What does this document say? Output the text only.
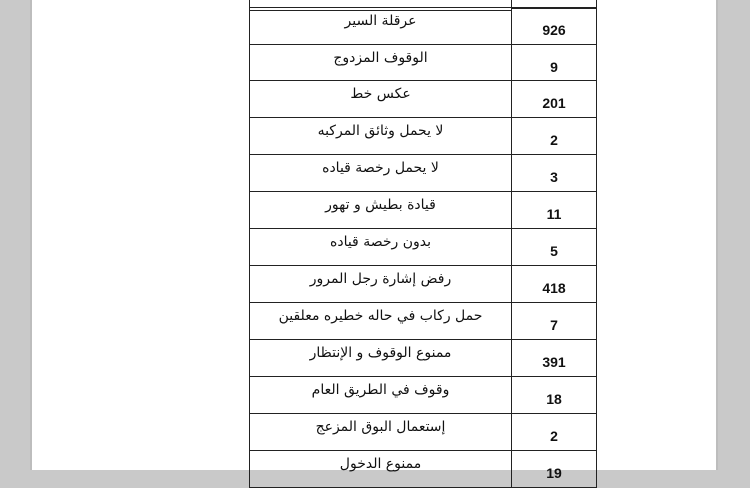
عرقلة السير
926
الوقوف المزدوج
9
عكس خط
201
لا يحمل وثائق المركبه
2
لا يحمل رخصة قياده
3
قيادة بطيش و تهور
11
بدون رخصة قياده
5
رفض إشارة رجل المرور
418
حمل ركاب في حاله خطيره معلقين
7
ممنوع الوقوف و الإنتظار
391
وقوف في الطريق العام
18
إستعمال البوق المزعج
2
ممنوع الدخول
19
